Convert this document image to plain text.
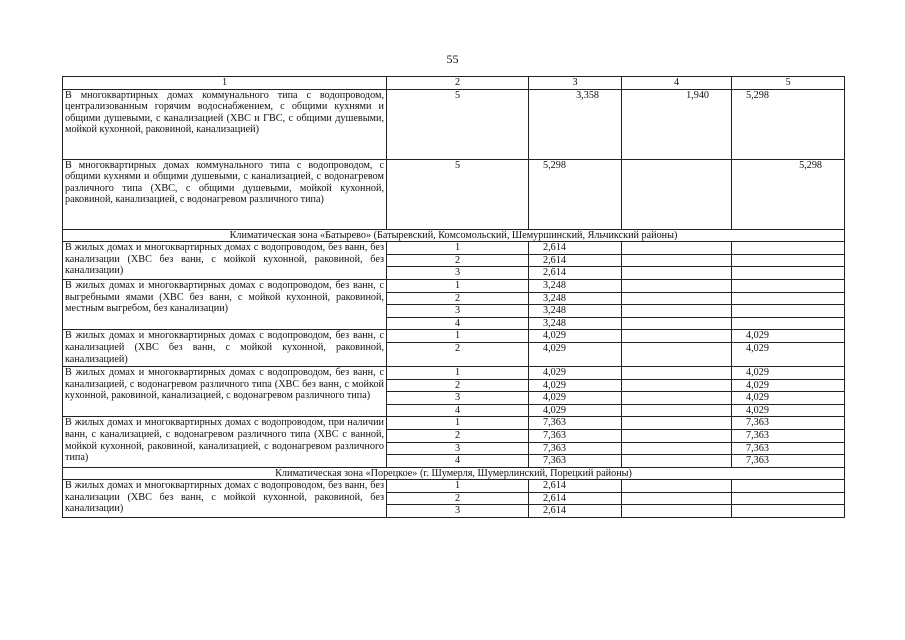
55
1	2	3	4	5
В многоквартирных домах коммунального типа с водопроводом, централизованным горячим водоснабжением, с общими кухнями и общими душевыми, с канализацией (ХВС и ГВС, с общими душевыми, мойкой кухонной, раковиной, канализацией)	5	3,358	1,940	5,298
В многоквартирных домах коммунального типа с водопроводом, с общими кухнями и общими душевыми, с канализацией, с водонагревом различного типа (ХВС, с общими душевыми, мойкой кухонной, раковиной, канализацией, с водонагревом различного типа)	5	5,298		5,298
Климатическая зона «Батырево» (Батыревский, Комсомольский, Шемуршинский, Яльчикский районы)				
В жилых домах и многоквартирных домах с водопроводом, без ванн, без канализации (ХВС без ванн, с мойкой кухонной, раковиной, без канализации)	1	2,614		
	2	2,614		
	3	2,614		
В жилых домах и многоквартирных домах с водопроводом, без ванн, с выгребными ямами (ХВС без ванн, с мойкой кухонной, раковиной, местным выгребом, без канализации)	1	3,248		
	2	3,248		
	3	3,248		
	4	3,248		
В жилых домах и многоквартирных домах с водопроводом, без ванн, с канализацией (ХВС без ванн, с мойкой кухонной, раковиной, канализацией)	1	4,029		4,029
	2	4,029		4,029
В жилых домах и многоквартирных домах с водопроводом, без ванн, с канализацией, с водонагревом различного типа (ХВС без ванн, с мойкой кухонной, раковиной, канализацией, с водонагревом различного типа)	1	4,029		4,029
	2	4,029		4,029
	3	4,029		4,029
	4	4,029		4,029
В жилых домах и многоквартирных домах с водопроводом, при наличии ванн, с канализацией, с водонагревом различного типа (ХВС с ванной, мойкой кухонной, раковиной, канализацией, с водонагревом различного типа)	1	7,363		7,363
	2	7,363		7,363
	3	7,363		7,363
	4	7,363		7,363
Климатическая зона «Порецкое» (г. Шумерля, Шумерлинский, Порецкий районы)				
В жилых домах и многоквартирных домах с водопроводом, без ванн, без канализации (ХВС без ванн, с мойкой кухонной, раковиной, без канализации)	1	2,614		
	2	2,614		
	3	2,614		
